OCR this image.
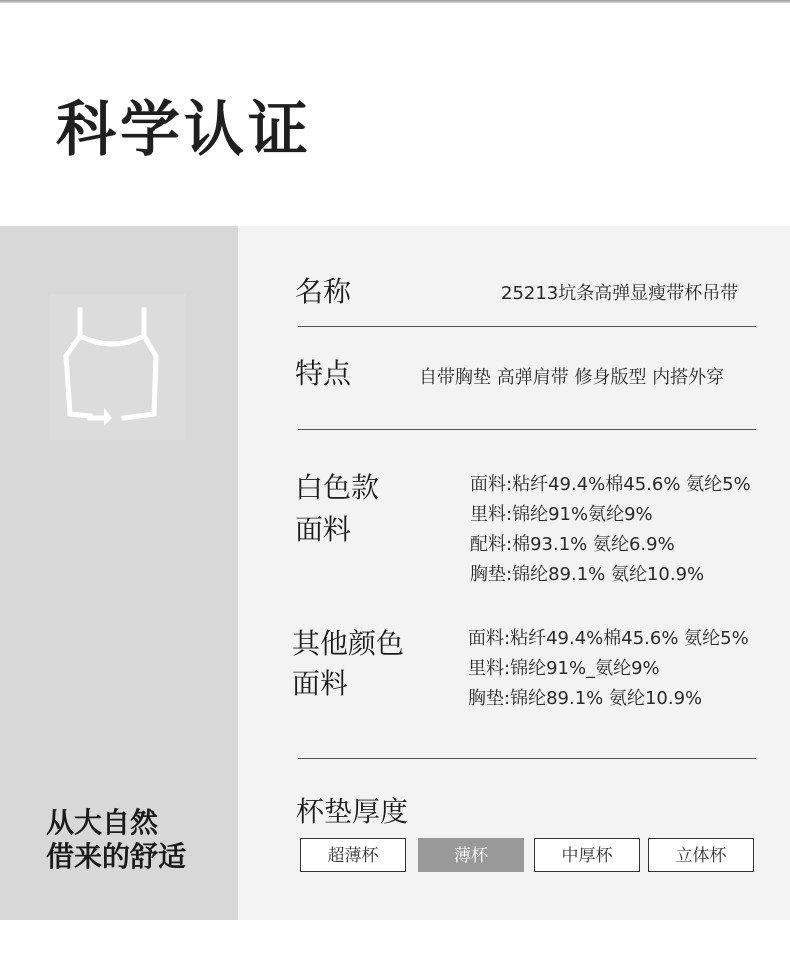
科学认证
从大自然
借来的舒适
名称	25213坑条高弹显瘦带杯吊带
特点	自带胸垫 高弹肩带 修身版型 内搭外穿
白色款
面料
面料:粘纤49.4%棉45.6% 氨纶5%
里料:锦纶91%氨纶9%
配料:棉93.1% 氨纶6.9%
胸垫:锦纶89.1% 氨纶10.9%
其他颜色
面料
面料:粘纤49.4%棉45.6% 氨纶5%
里料:锦纶91%_氨纶9%
胸垫:锦纶89.1% 氨纶10.9%
杯垫厚度
超薄杯	薄杯	中厚杯	立体杯
